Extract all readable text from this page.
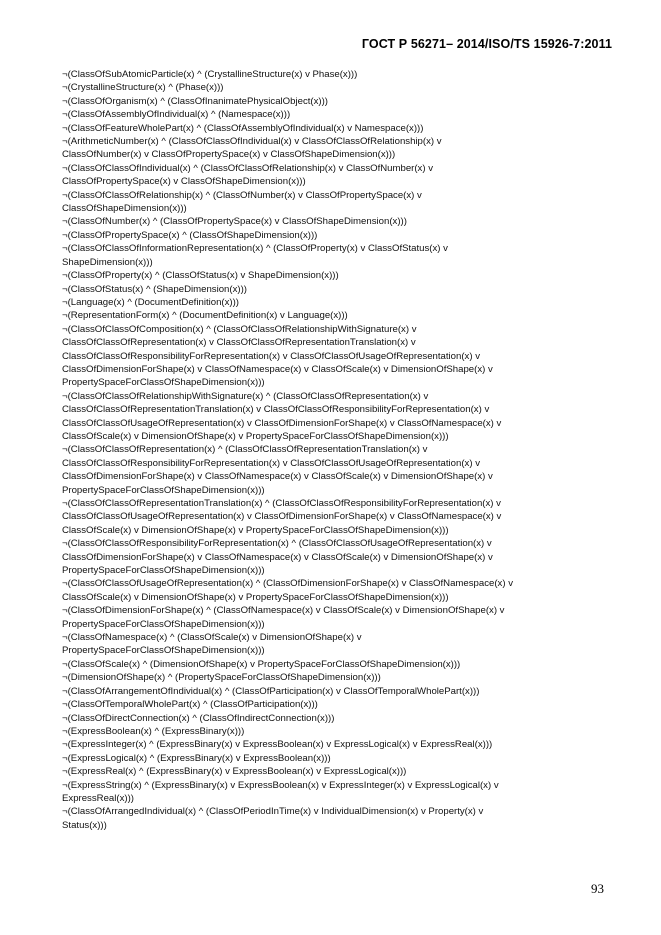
ГОСТ Р 56271– 2014/ISO/TS 15926-7:2011
¬(ClassOfSubAtomicParticle(x) ^ (CrystallineStructure(x) v Phase(x)))
¬(CrystallineStructure(x) ^ (Phase(x)))
¬(ClassOfOrganism(x) ^ (ClassOfInanimatePhysicalObject(x)))
¬(ClassOfAssemblyOfIndividual(x) ^ (Namespace(x)))
¬(ClassOfFeatureWholePart(x) ^ (ClassOfAssemblyOfIndividual(x) v Namespace(x)))
¬(ArithmeticNumber(x) ^ (ClassOfClassOfIndividual(x) v ClassOfClassOfRelationship(x) v
ClassOfNumber(x) v ClassOfPropertySpace(x) v ClassOfShapeDimension(x)))
¬(ClassOfClassOfIndividual(x) ^ (ClassOfClassOfRelationship(x) v ClassOfNumber(x) v
ClassOfPropertySpace(x) v ClassOfShapeDimension(x)))
¬(ClassOfClassOfRelationship(x) ^ (ClassOfNumber(x) v ClassOfPropertySpace(x) v
ClassOfShapeDimension(x)))
¬(ClassOfNumber(x) ^ (ClassOfPropertySpace(x) v ClassOfShapeDimension(x)))
¬(ClassOfPropertySpace(x) ^ (ClassOfShapeDimension(x)))
¬(ClassOfClassOfInformationRepresentation(x) ^ (ClassOfProperty(x) v ClassOfStatus(x) v
ShapeDimension(x)))
¬(ClassOfProperty(x) ^ (ClassOfStatus(x) v ShapeDimension(x)))
¬(ClassOfStatus(x) ^ (ShapeDimension(x)))
¬(Language(x) ^ (DocumentDefinition(x)))
¬(RepresentationForm(x) ^ (DocumentDefinition(x) v Language(x)))
¬(ClassOfClassOfComposition(x) ^ (ClassOfClassOfRelationshipWithSignature(x) v
ClassOfClassOfRepresentation(x) v ClassOfClassOfRepresentationTranslation(x) v
ClassOfClassOfResponsibilityForRepresentation(x) v ClassOfClassOfUsageOfRepresentation(x) v
ClassOfDimensionForShape(x) v ClassOfNamespace(x) v ClassOfScale(x) v DimensionOfShape(x) v
PropertySpaceForClassOfShapeDimension(x)))
¬(ClassOfClassOfRelationshipWithSignature(x) ^ (ClassOfClassOfRepresentation(x) v
ClassOfClassOfRepresentationTranslation(x) v ClassOfClassOfResponsibilityForRepresentation(x) v
ClassOfClassOfUsageOfRepresentation(x) v ClassOfDimensionForShape(x) v ClassOfNamespace(x) v
ClassOfScale(x) v DimensionOfShape(x) v PropertySpaceForClassOfShapeDimension(x)))
¬(ClassOfClassOfRepresentation(x) ^ (ClassOfClassOfRepresentationTranslation(x) v
ClassOfClassOfResponsibilityForRepresentation(x) v ClassOfClassOfUsageOfRepresentation(x) v
ClassOfDimensionForShape(x) v ClassOfNamespace(x) v ClassOfScale(x) v DimensionOfShape(x) v
PropertySpaceForClassOfShapeDimension(x)))
¬(ClassOfClassOfRepresentationTranslation(x) ^ (ClassOfClassOfResponsibilityForRepresentation(x) v
ClassOfClassOfUsageOfRepresentation(x) v ClassOfDimensionForShape(x) v ClassOfNamespace(x) v
ClassOfScale(x) v DimensionOfShape(x) v PropertySpaceForClassOfShapeDimension(x)))
¬(ClassOfClassOfResponsibilityForRepresentation(x) ^ (ClassOfClassOfUsageOfRepresentation(x) v
ClassOfDimensionForShape(x) v ClassOfNamespace(x) v ClassOfScale(x) v DimensionOfShape(x) v
PropertySpaceForClassOfShapeDimension(x)))
¬(ClassOfClassOfUsageOfRepresentation(x) ^ (ClassOfDimensionForShape(x) v ClassOfNamespace(x) v
ClassOfScale(x) v DimensionOfShape(x) v PropertySpaceForClassOfShapeDimension(x)))
¬(ClassOfDimensionForShape(x) ^ (ClassOfNamespace(x) v ClassOfScale(x) v DimensionOfShape(x) v
PropertySpaceForClassOfShapeDimension(x)))
¬(ClassOfNamespace(x) ^ (ClassOfScale(x) v DimensionOfShape(x) v
PropertySpaceForClassOfShapeDimension(x)))
¬(ClassOfScale(x) ^ (DimensionOfShape(x) v PropertySpaceForClassOfShapeDimension(x)))
¬(DimensionOfShape(x) ^ (PropertySpaceForClassOfShapeDimension(x)))
¬(ClassOfArrangementOfIndividual(x) ^ (ClassOfParticipation(x) v ClassOfTemporalWholePart(x)))
¬(ClassOfTemporalWholePart(x) ^ (ClassOfParticipation(x)))
¬(ClassOfDirectConnection(x) ^ (ClassOfIndirectConnection(x)))
¬(ExpressBoolean(x) ^ (ExpressBinary(x)))
¬(ExpressInteger(x) ^ (ExpressBinary(x) v ExpressBoolean(x) v ExpressLogical(x) v ExpressReal(x)))
¬(ExpressLogical(x) ^ (ExpressBinary(x) v ExpressBoolean(x)))
¬(ExpressReal(x) ^ (ExpressBinary(x) v ExpressBoolean(x) v ExpressLogical(x)))
¬(ExpressString(x) ^ (ExpressBinary(x) v ExpressBoolean(x) v ExpressInteger(x) v ExpressLogical(x) v
ExpressReal(x)))
¬(ClassOfArrangedIndividual(x) ^ (ClassOfPeriodInTime(x) v IndividualDimension(x) v Property(x) v
Status(x)))
93
